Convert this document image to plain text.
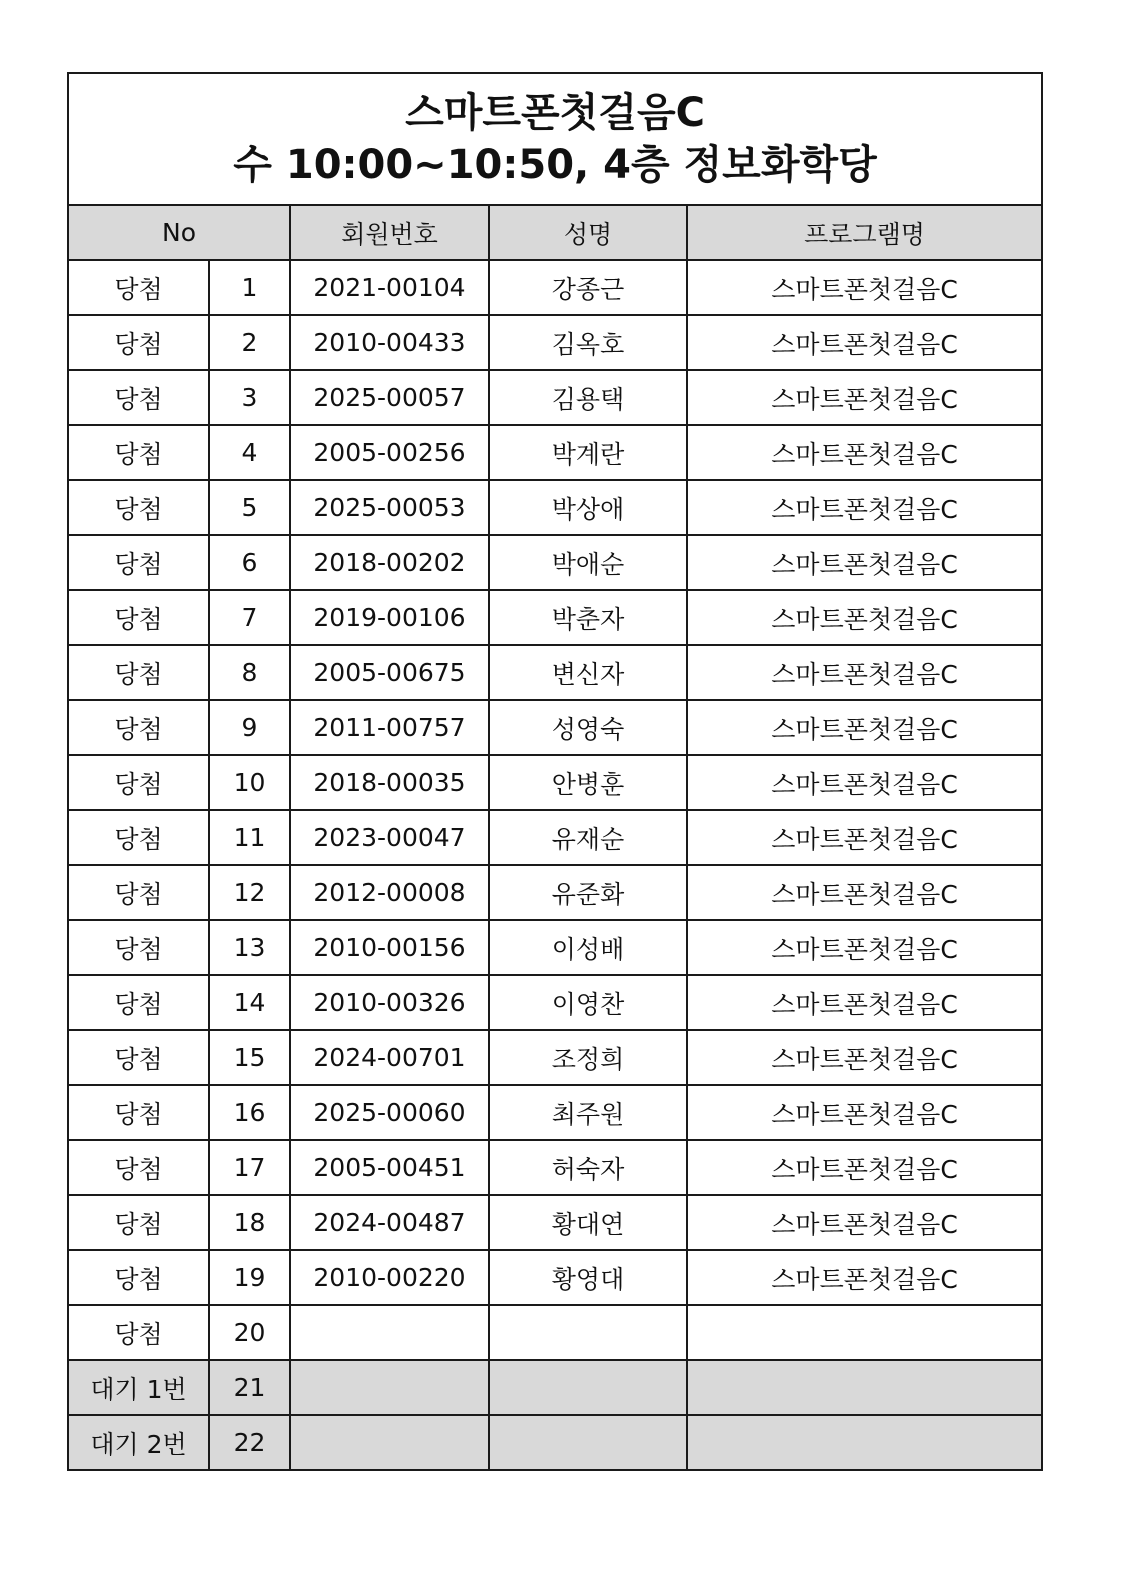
스마트폰첫걸음C
수 10:00~10:50, 4층 정보화학당				

No		회원번호	성명	프로그램명
당첨	1	2021-00104	강종근	스마트폰첫걸음C
당첨	2	2010-00433	김옥호	스마트폰첫걸음C
당첨	3	2025-00057	김용택	스마트폰첫걸음C
당첨	4	2005-00256	박계란	스마트폰첫걸음C
당첨	5	2025-00053	박상애	스마트폰첫걸음C
당첨	6	2018-00202	박애순	스마트폰첫걸음C
당첨	7	2019-00106	박춘자	스마트폰첫걸음C
당첨	8	2005-00675	변신자	스마트폰첫걸음C
당첨	9	2011-00757	성영숙	스마트폰첫걸음C
당첨	10	2018-00035	안병훈	스마트폰첫걸음C
당첨	11	2023-00047	유재순	스마트폰첫걸음C
당첨	12	2012-00008	유준화	스마트폰첫걸음C
당첨	13	2010-00156	이성배	스마트폰첫걸음C
당첨	14	2010-00326	이영찬	스마트폰첫걸음C
당첨	15	2024-00701	조정희	스마트폰첫걸음C
당첨	16	2025-00060	최주원	스마트폰첫걸음C
당첨	17	2005-00451	허숙자	스마트폰첫걸음C
당첨	18	2024-00487	황대연	스마트폰첫걸음C
당첨	19	2010-00220	황영대	스마트폰첫걸음C
당첨	20			
대기 1번	21			
대기 2번	22			
